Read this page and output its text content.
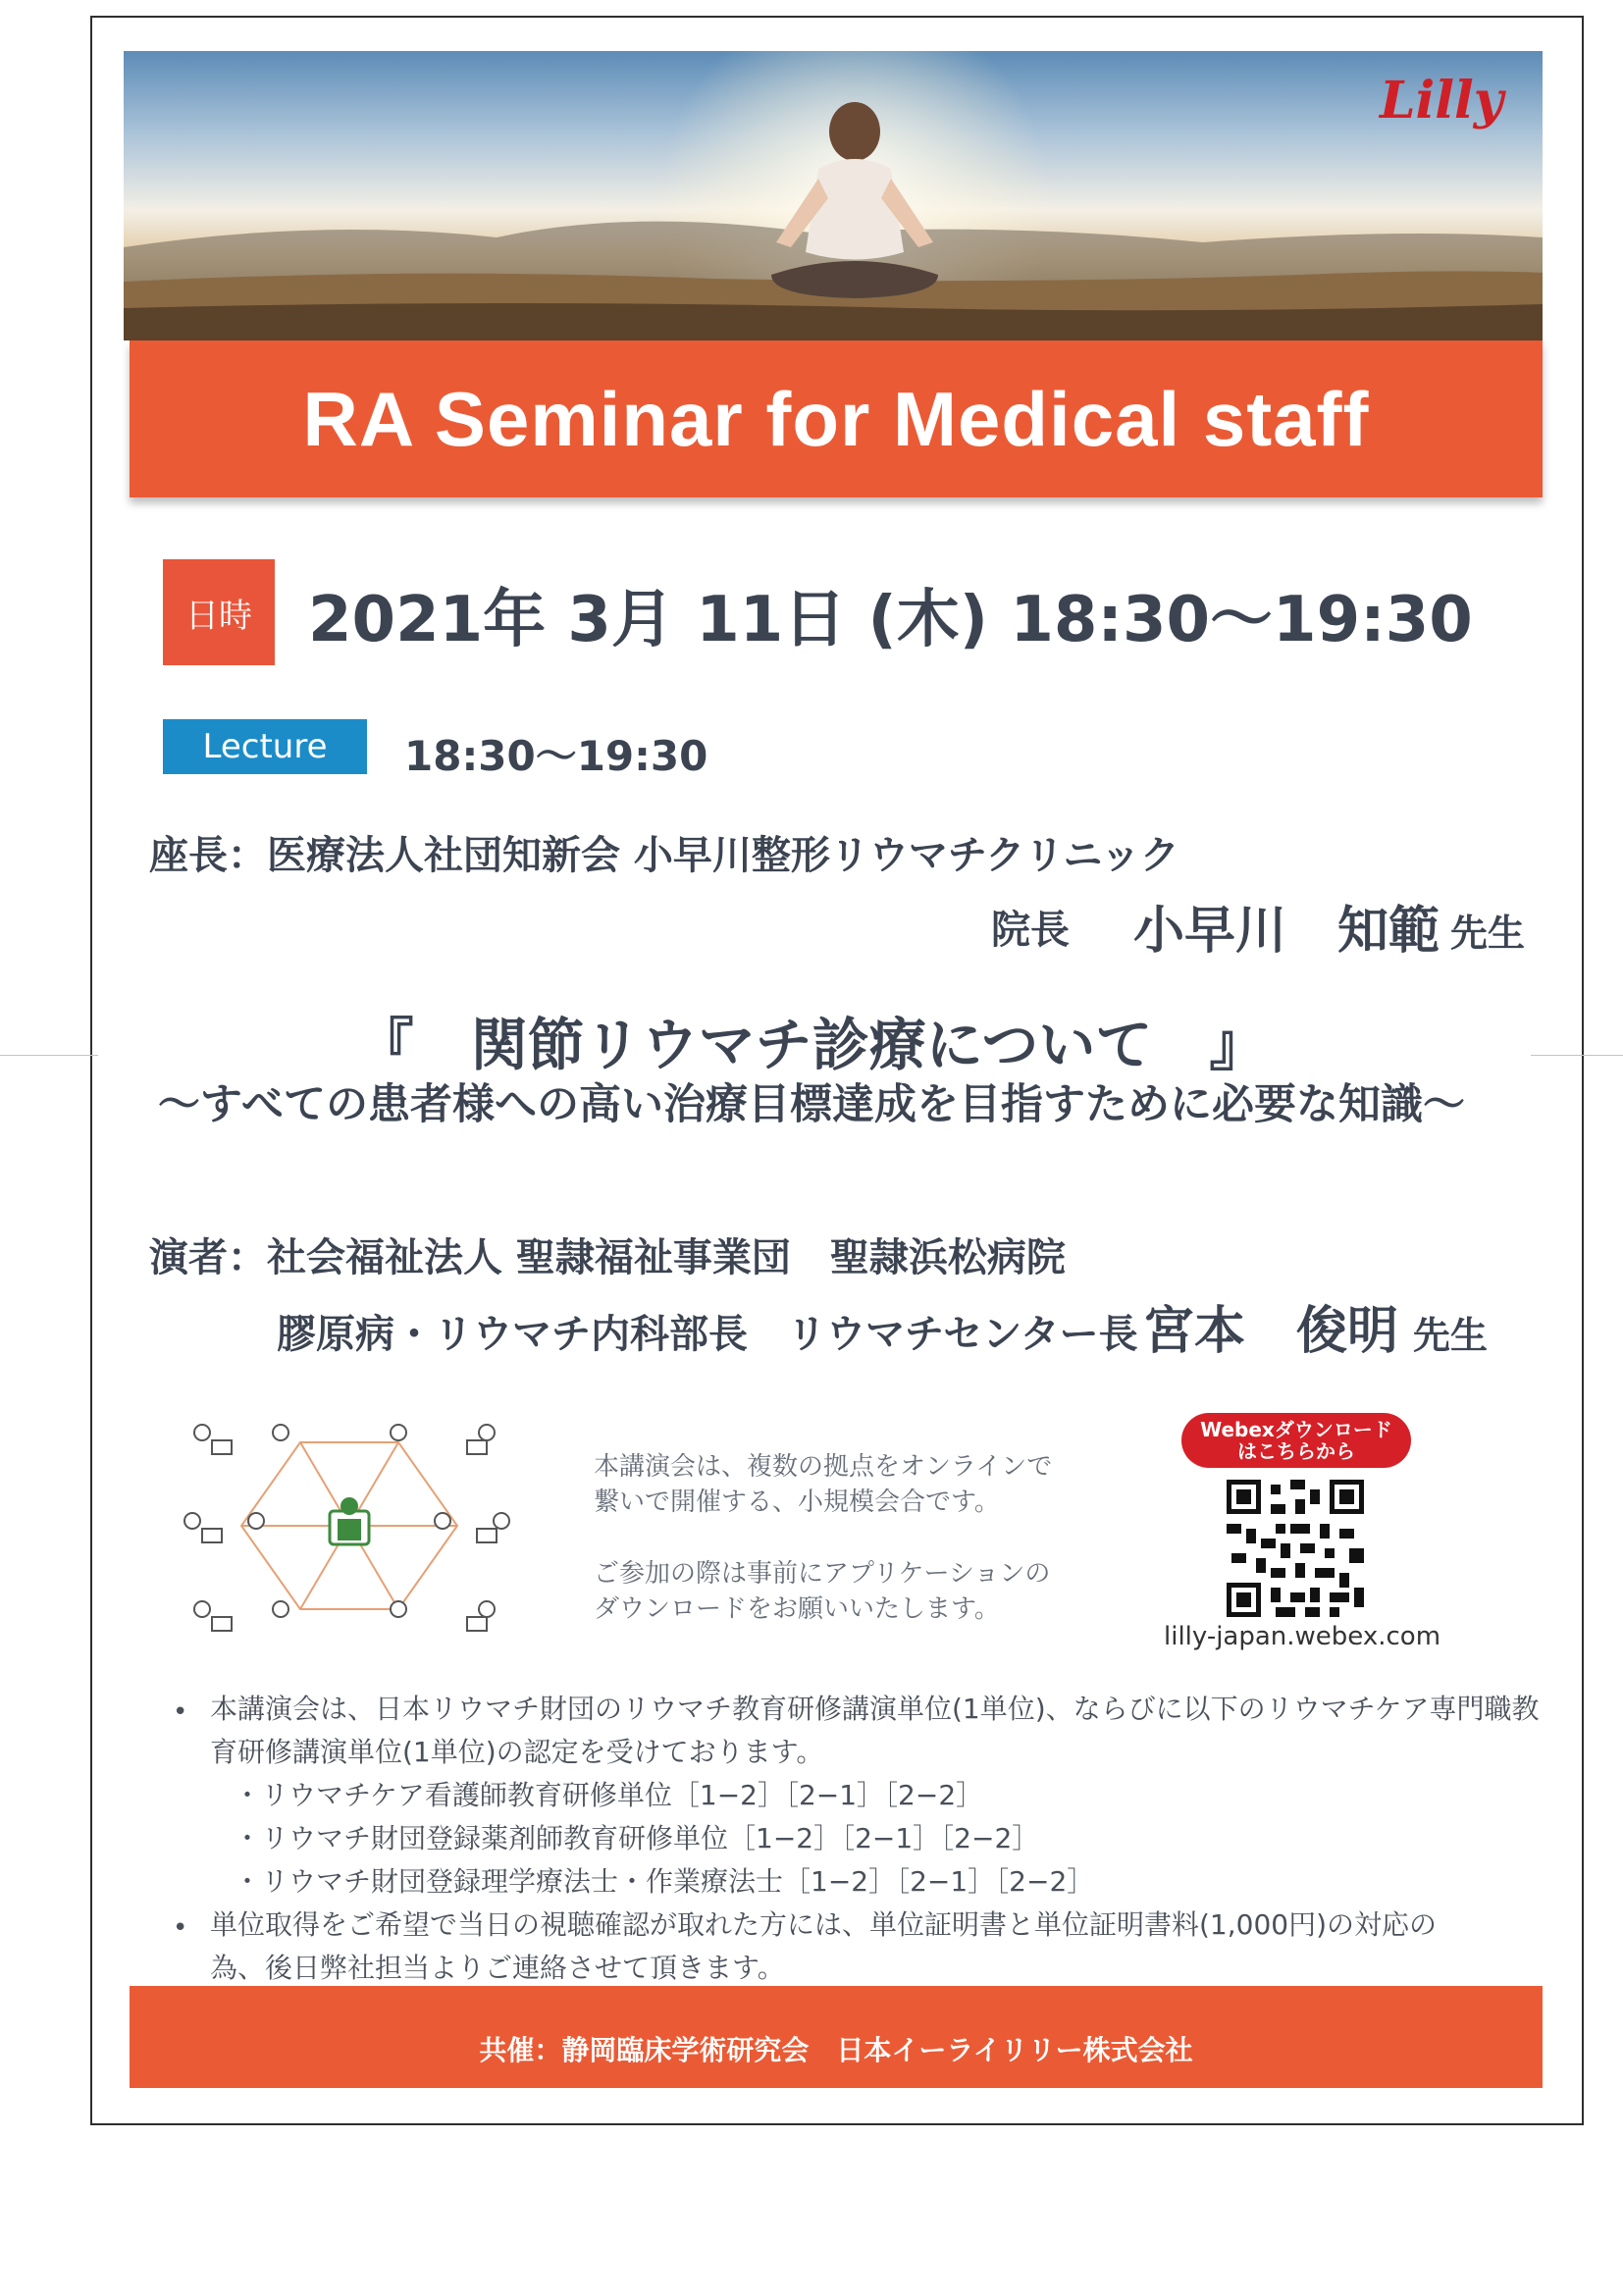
Lilly
RA Seminar for Medical staff
日時 2021年 3月 11日 (木) 18:30〜19:30
Lecture	18:30〜19:30
座長：医療法人社団知新会 小早川整形リウマチクリニック
院長 小早川　知範 先生
『　関節リウマチ診療について　』
〜すべての患者様への高い治療目標達成を目指すために必要な知識〜
演者：社会福祉法人 聖隷福祉事業団　聖隷浜松病院
膠原病・リウマチ内科部長　リウマチセンター長 宮本　俊明 先生
本講演会は、複数の拠点をオンラインで
繋いで開催する、小規模会合です。
ご参加の際は事前にアプリケーションの
ダウンロードをお願いいたします。
Webexダウンロード
はこちらから
lilly-japan.webex.com
• 本講演会は、日本リウマチ財団のリウマチ教育研修講演単位(1単位)、ならびに以下のリウマチケア専門職教
育研修講演単位(1単位)の認定を受けております。
・リウマチケア看護師教育研修単位［1−2］［2−1］［2−2］
・リウマチ財団登録薬剤師教育研修単位［1−2］［2−1］［2−2］
・リウマチ財団登録理学療法士・作業療法士［1−2］［2−1］［2−2］
• 単位取得をご希望で当日の視聴確認が取れた方には、単位証明書と単位証明書料(1,000円)の対応の
為、後日弊社担当よりご連絡させて頂きます。
共催：静岡臨床学術研究会　日本イーライリリー株式会社
